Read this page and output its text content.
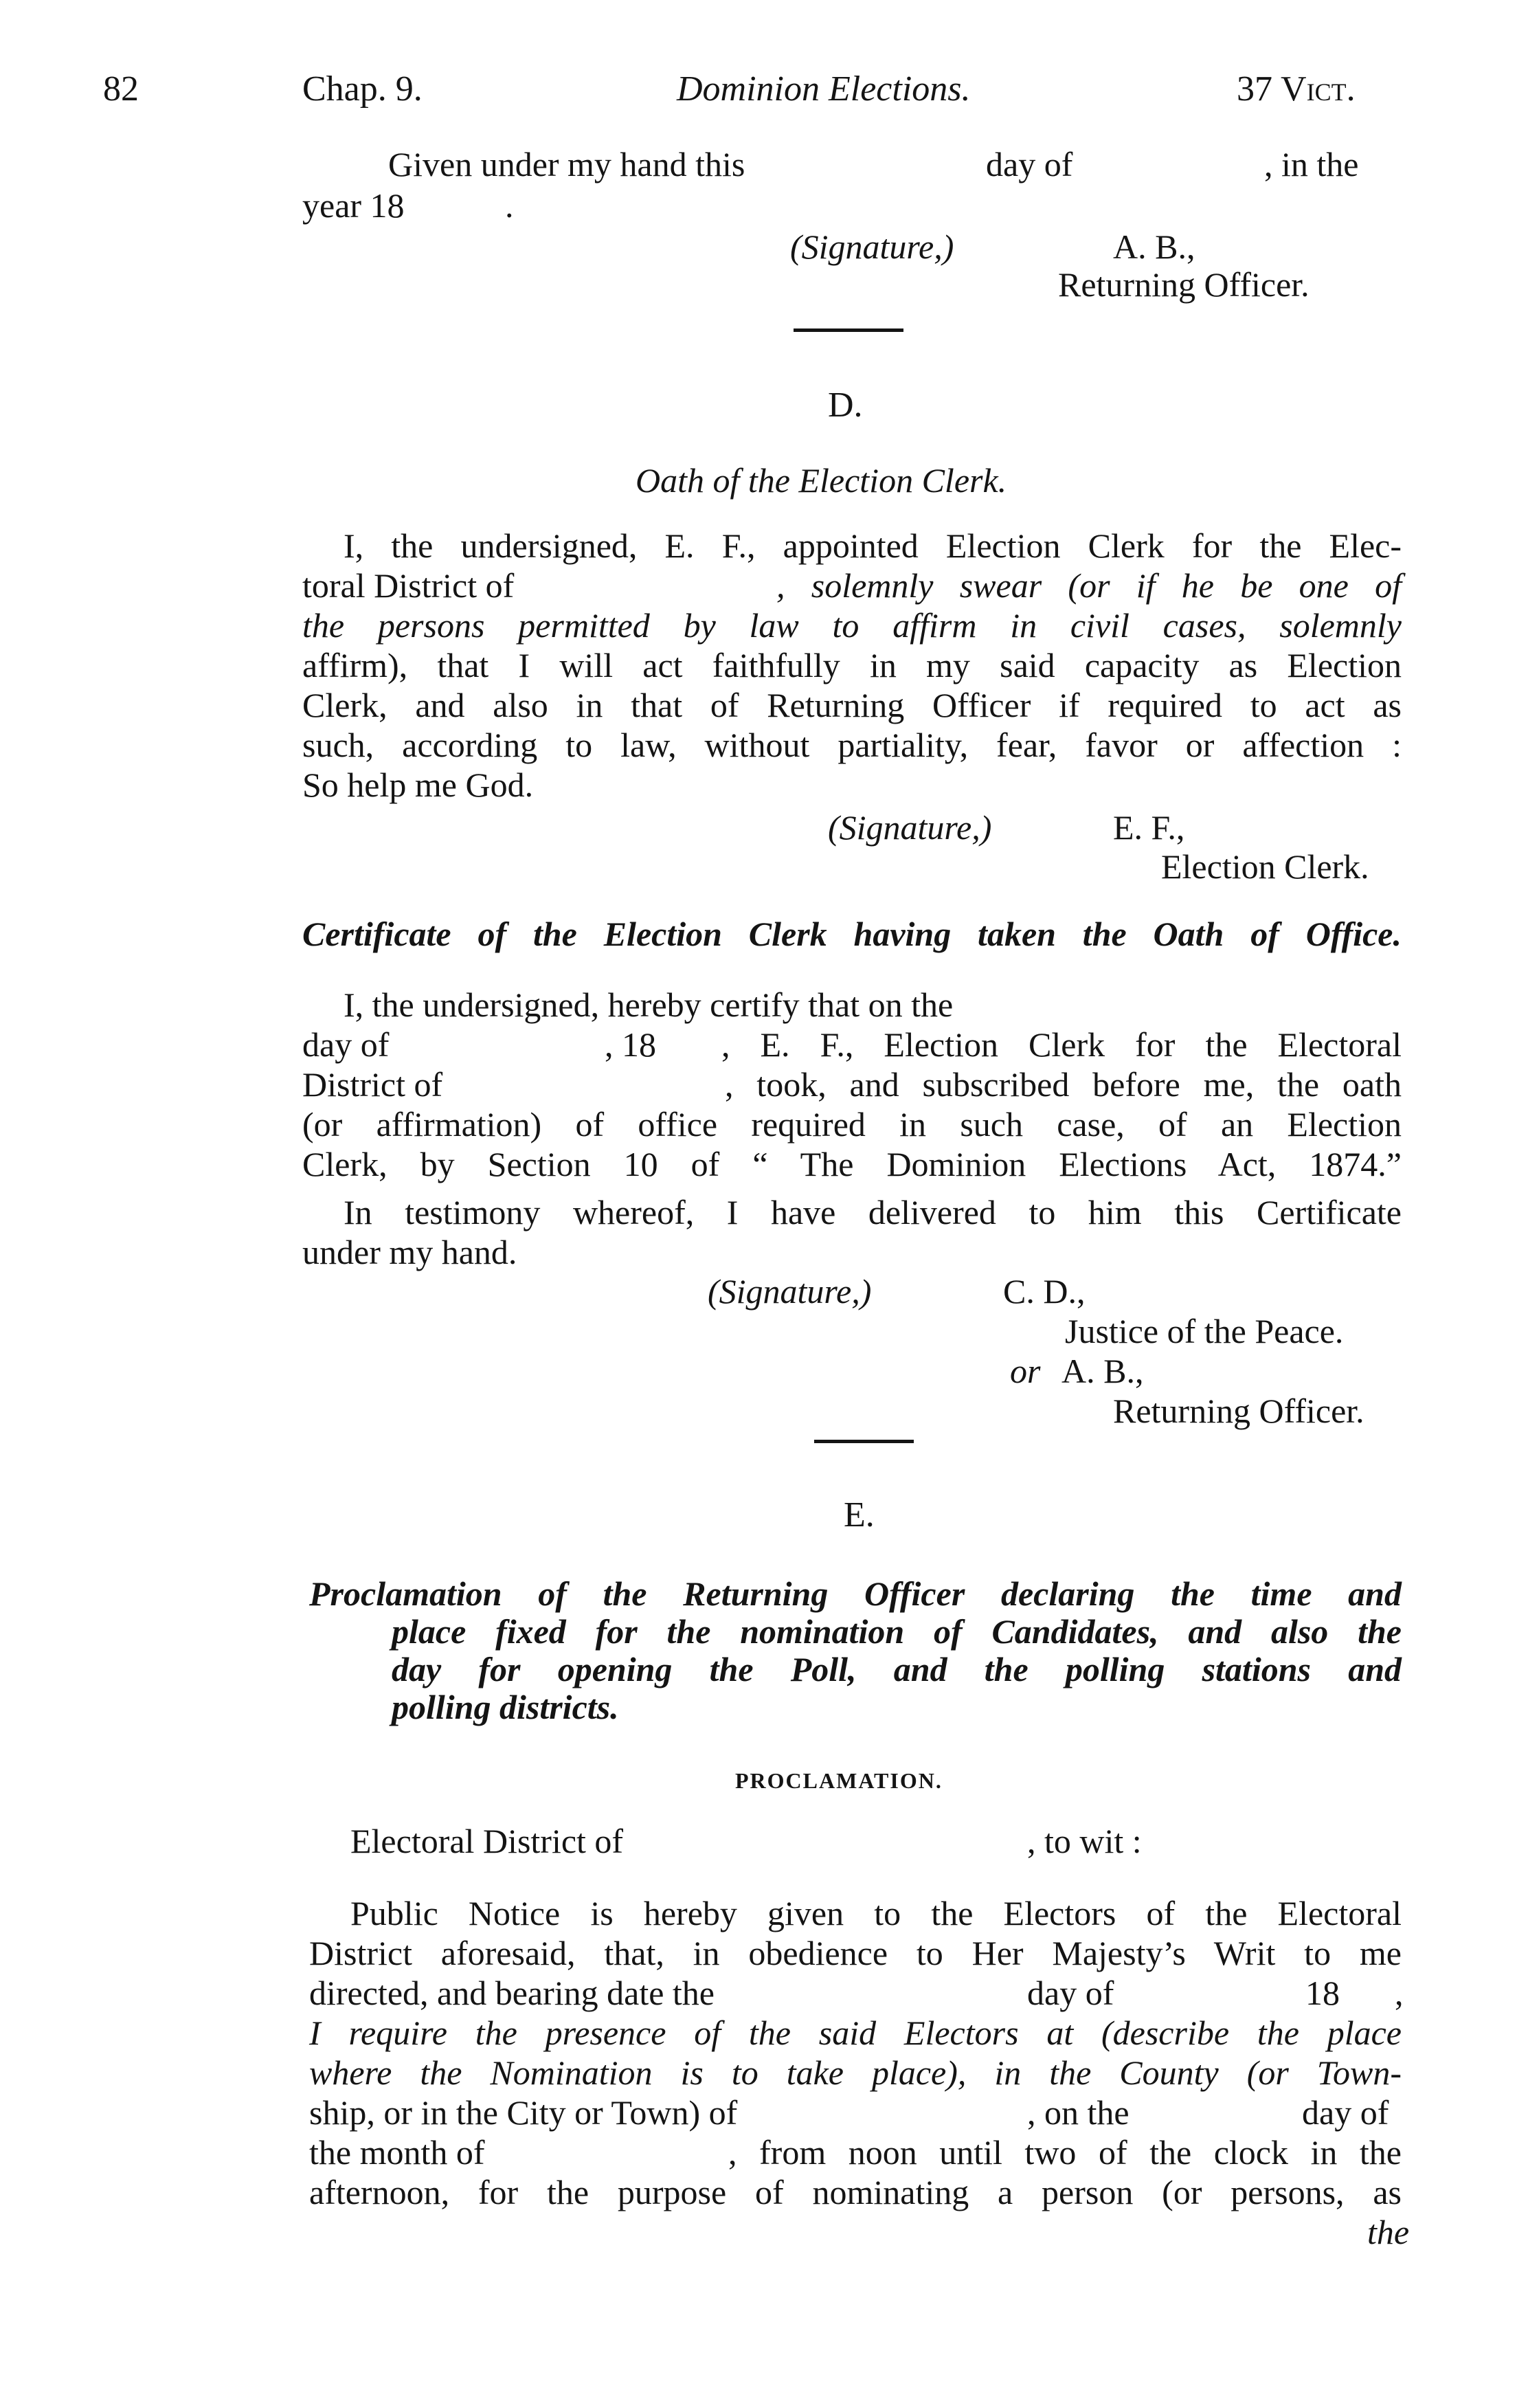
82	Chap. 9.	Dominion Elections.	37 Vict.
Given under my hand this	day of	, in the
year 18	.
(Signature,)	A. B.,
Returning Officer.
D.
Oath of the Election Clerk.
I, the undersigned, E. F., appointed Election Clerk for the Elec-
toral District of	, solemnly swear (or if he be one of
the persons permitted by law to affirm in civil cases, solemnly
affirm), that I will act faithfully in my said capacity as Election
Clerk, and also in that of Returning Officer if required to act as
such, according to law, without partiality, fear, favor or affection :
So help me God.
(Signature,)	E. F.,
Election Clerk.
Certificate of the Election Clerk having taken the Oath of Office.
I, the undersigned, hereby certify that on the
day of	, 18 , E. F., Election Clerk for the Electoral
District of	, took, and subscribed before me, the oath
(or affirmation) of office required in such case, of an Election
Clerk, by Section 10 of “ The Dominion Elections Act, 1874.”
In testimony whereof, I have delivered to him this Certificate
under my hand.
(Signature,)	C. D.,
Justice of the Peace.
or A. B.,
Returning Officer.
E.
Proclamation of the Returning Officer declaring the time and
place fixed for the nomination of Candidates, and also the
day for opening the Poll, and the polling stations and
polling districts.
PROCLAMATION.
Electoral District of	, to wit :
Public Notice is hereby given to the Electors of the Electoral
District aforesaid, that, in obedience to Her Majesty’s Writ to me
directed, and bearing date the	day of	18 ,
I require the presence of the said Electors at (describe the place
where the Nomination is to take place), in the County (or Town-
ship, or in the City or Town) of	, on the	day of
the month of	, from noon until two of the clock in the
afternoon, for the purpose of nominating a person (or persons, as
the
